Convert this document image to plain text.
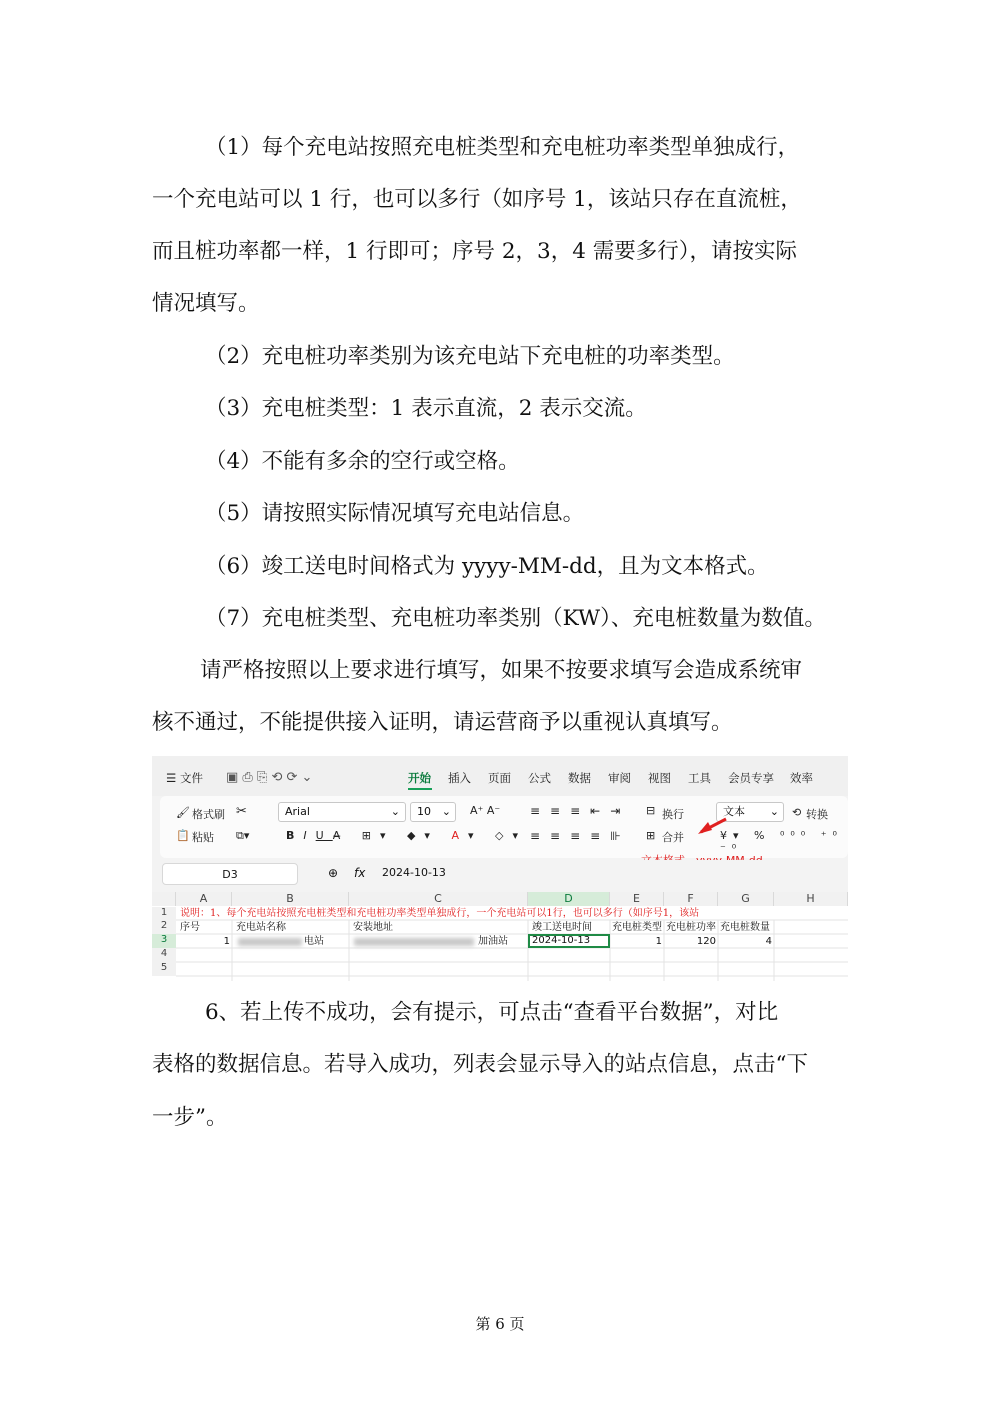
（1）每个充电站按照充电桩类型和充电桩功率类型单独成行，
一个充电站可以 1 行，也可以多行（如序号 1，该站只存在直流桩，
而且桩功率都一样，1 行即可；序号 2，3，4 需要多行），请按实际
情况填写。
（2）充电桩功率类别为该充电站下充电桩的功率类型。
（3）充电桩类型：1 表示直流，2 表示交流。
（4）不能有多余的空行或空格。
（5）请按照实际情况填写充电站信息。
（6）竣工送电时间格式为 yyyy-MM-dd，且为文本格式。
（7）充电桩类型、充电桩功率类别（KW）、充电桩数量为数值。
请严格按照以上要求进行填写，如果不按要求填写会造成系统审
核不通过，不能提供接入证明，请运营商予以重视认真填写。
☰ 文件 ▣ ⎙ ⎘ ⟲ ⟳ ⌄	开始 插入 页面 公式 数据 审阅 视图 工具 会员专享 效率
🖌 格式刷 ✂
📋 粘贴 ⧉▾
Arial	⌄	10 ⌄ A⁺ A⁻
BIUA̶ ⊞▾ ◆▾ A▾ ◇▾
≡≡≡⇤⇥ ⊟ 换行
≡≡≡≡⊪ ⊞ 合并
文本 ⌄ ⟲ 转换
¥▾ % ⁰⁰⁰ ⁺⁰ ⁻⁰
D3	⊕ fx	2024-10-13
A	B	C	D	E	F	G	H
1
2
3
4
5
说明：1、每个充电站按照充电桩类型和充电桩功率类型单独成行，一个充电站可以1行，也可以多行（如序号1，该站
序号	充电站名称	安装地址	竣工送电时间	充电桩类型 充电桩功率 充电桩数量
1	电站	加油站	2024-10-13	1	120	4
6、若上传不成功，会有提示，可点击“查看平台数据”，对比
表格的数据信息。若导入成功，列表会显示导入的站点信息，点击“下
一步”。
第 6 页
